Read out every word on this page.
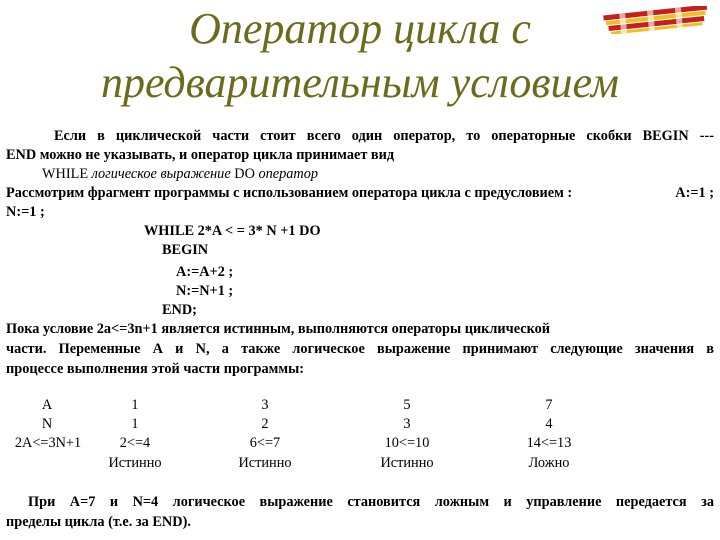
Оператор цикла с
предварительным условием
Если в циклической части стоит всего один оператор, то операторные скобки BEGIN ---
END можно не указывать, и оператор цикла принимает вид
WHILE логическое выражение DO оператор
Рассмотрим фрагмент программы с использованием оператора цикла с предусловием :	A:=1 ;
N:=1 ;
WHILE 2*A < = 3* N +1 DO
BEGIN
A:=A+2 ;
N:=N+1 ;
END;
Пока условие 2а<=3n+1 является истинным, выполняются операторы циклической
части. Переменные А и N, а также логическое выражение принимают следующие значения в
процессе выполнения этой части программы:
A
N
2A<=3N+1
1
1
2<=4
Истинно
3
2
6<=7
Истинно
5
3
10<=10
Истинно
7
4
14<=13
Ложно
При А=7 и N=4 логическое выражение становится ложным и управление передается за
пределы цикла (т.е. за END).
